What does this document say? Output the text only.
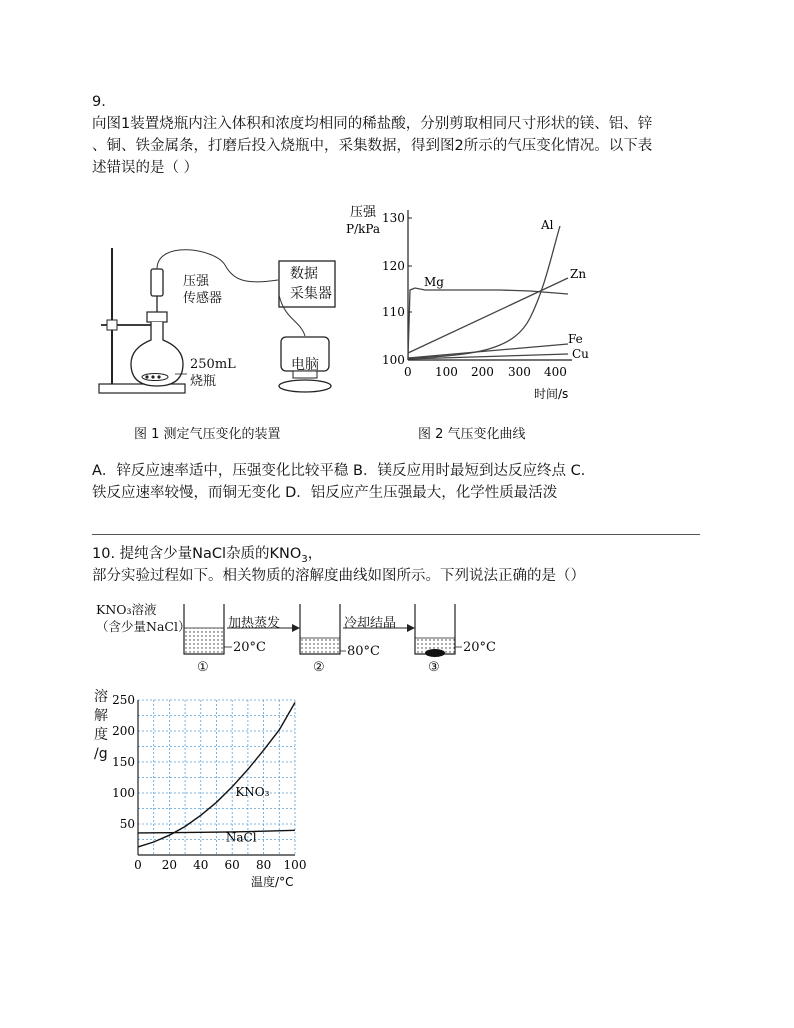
9.
向图1装置烧瓶内注入体积和浓度均相同的稀盐酸，分别剪取相同尺寸形状的镁、铝、锌
、铜、铁金属条，打磨后投入烧瓶中，采集数据，得到图2所示的气压变化情况。以下表
述错误的是（ ）
压强
传感器
数据
采集器
电脑
250mL
烧瓶
图 1 测定气压变化的装置
压强
P/kPa
130
120
110
100
0 100 200 300 400
时间/s
Al
Zn
Mg
Fe
Cu
图 2 气压变化曲线
A．锌反应速率适中，压强变化比较平稳 B．镁反应用时最短到达反应终点 C．
铁反应速率较慢，而铜无变化 D．铝反应产生压强最大，化学性质最活泼
10. 提纯含少量NaCl杂质的$KNO_3$，
部分实验过程如下。相关物质的溶解度曲线如图所示。下列说法正确的是（）
KNO₃溶液
（含少量NaCl）	加热蒸发	冷却结晶
20°C	80°C	20°C
①	②	③
溶
解
度
/g
0 20 40 60 80 100
50
100
150
200
250
KNO₃
NaCl
温度/°C
